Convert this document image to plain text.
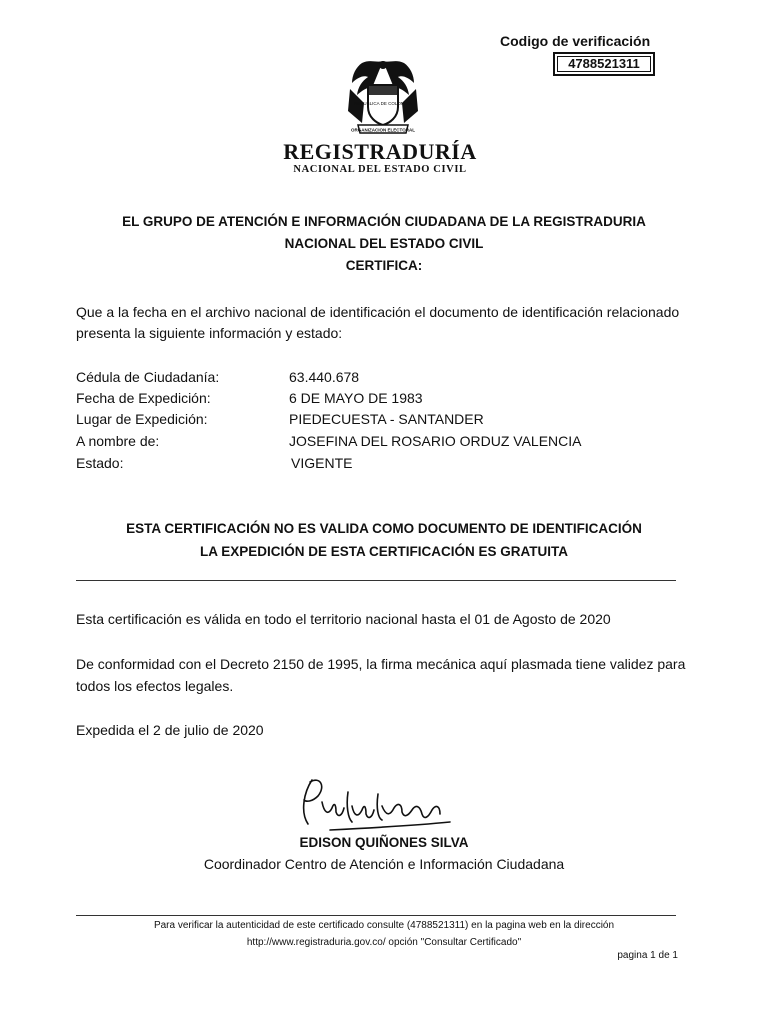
Codigo de verificación
4788521311
REPUBLICA DE COLOMBIA
ORGANIZACION ELECTORAL
REGISTRADURÍA
NACIONAL DEL ESTADO CIVIL
EL GRUPO DE ATENCIÓN E INFORMACIÓN CIUDADANA DE LA REGISTRADURIA
NACIONAL DEL ESTADO CIVIL
CERTIFICA:
Que a la fecha en el archivo nacional de identificación el documento de identificación relacionado
presenta la siguiente información y estado:
Cédula de Ciudadanía:	63.440.678
Fecha de Expedición:	6 DE MAYO DE 1983
Lugar de Expedición:	PIEDECUESTA - SANTANDER
A nombre de:	JOSEFINA DEL ROSARIO ORDUZ VALENCIA
Estado:	VIGENTE
ESTA CERTIFICACIÓN NO ES VALIDA COMO DOCUMENTO DE IDENTIFICACIÓN
LA EXPEDICIÓN DE ESTA CERTIFICACIÓN ES GRATUITA
Esta certificación es válida en todo el territorio nacional hasta el 01 de Agosto de 2020
De conformidad con el Decreto 2150 de 1995, la firma mecánica aquí plasmada tiene validez para
todos los efectos legales.
Expedida el 2 de julio de 2020
EDISON QUIÑONES SILVA
Coordinador Centro de Atención e Información Ciudadana
Para verificar la autenticidad de este certificado consulte (4788521311) en la pagina web en la dirección
http://www.registraduria.gov.co/ opción "Consultar Certificado"
pagina 1 de 1
